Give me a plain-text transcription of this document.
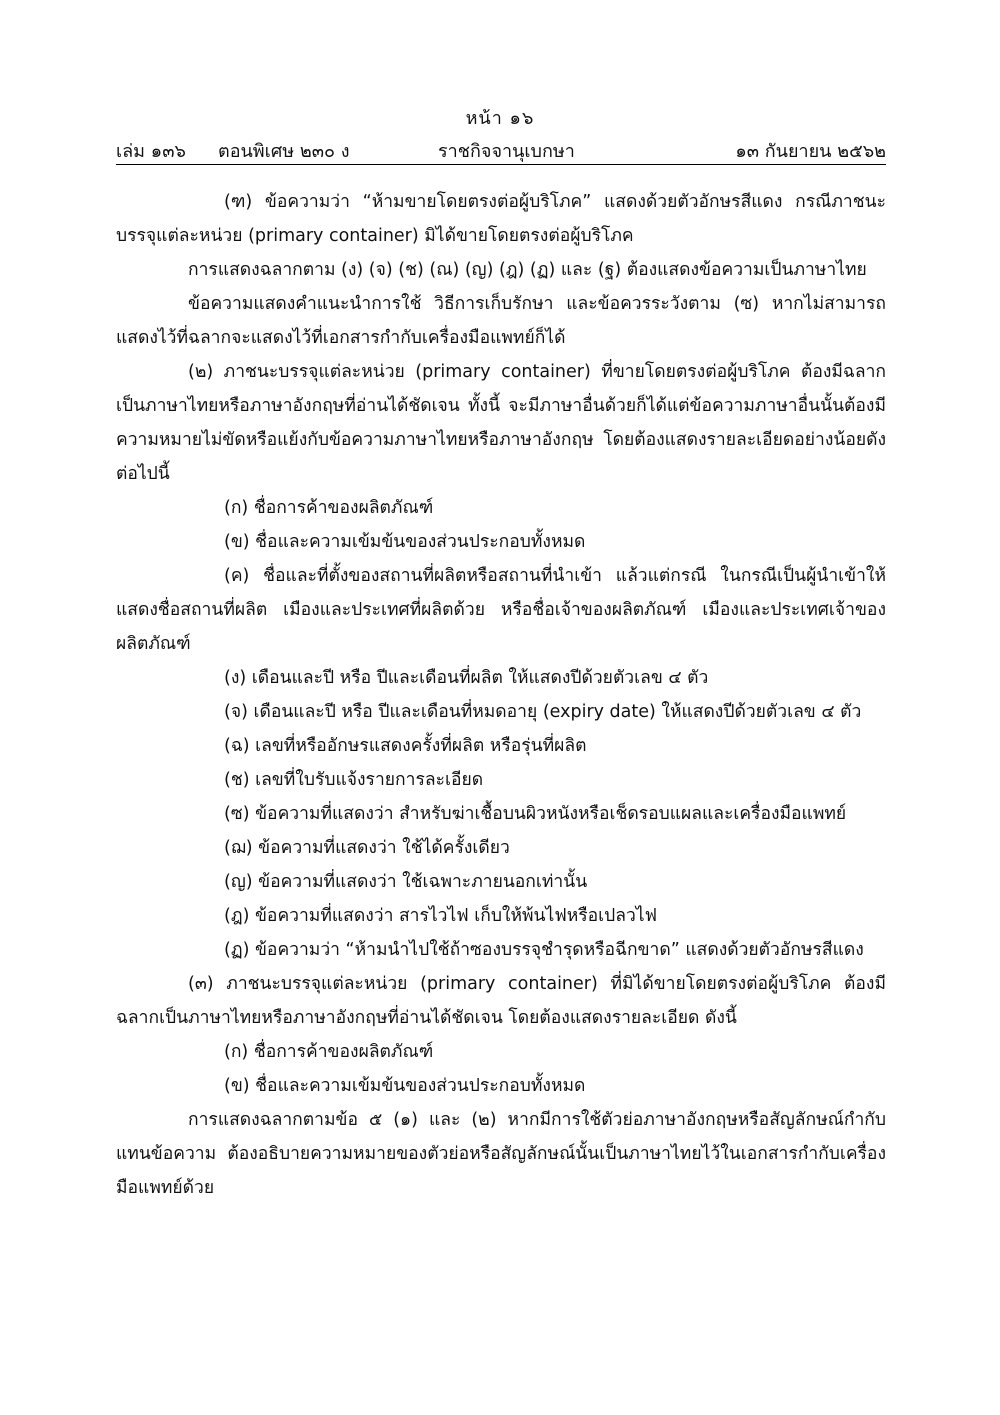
หน้า ๑๖
เล่ม ๑๓๖ ตอนพิเศษ ๒๓๐ ง	ราชกิจจานุเบกษา	๑๓ กันยายน ๒๕๖๒

(ฑ) ข้อความว่า “ห้ามขายโดยตรงต่อผู้บริโภค” แสดงด้วยตัวอักษรสีแดง กรณีภาชนะบรรจุแต่ละหน่วย (primary container) มิได้ขายโดยตรงต่อผู้บริโภค

การแสดงฉลากตาม (ง) (จ) (ช) (ณ) (ญ) (ฎ) (ฏ) และ (ฐ) ต้องแสดงข้อความเป็นภาษาไทย

ข้อความแสดงคำแนะนำการใช้ วิธีการเก็บรักษา และข้อควรระวังตาม (ซ) หากไม่สามารถแสดงไว้ที่ฉลากจะแสดงไว้ที่เอกสารกำกับเครื่องมือแพทย์ก็ได้

(๒) ภาชนะบรรจุแต่ละหน่วย (primary container) ที่ขายโดยตรงต่อผู้บริโภค ต้องมีฉลากเป็นภาษาไทยหรือภาษาอังกฤษที่อ่านได้ชัดเจน ทั้งนี้ จะมีภาษาอื่นด้วยก็ได้แต่ข้อความภาษาอื่นนั้นต้องมีความหมายไม่ขัดหรือแย้งกับข้อความภาษาไทยหรือภาษาอังกฤษ โดยต้องแสดงรายละเอียดอย่างน้อยดังต่อไปนี้

(ก) ชื่อการค้าของผลิตภัณฑ์

(ข) ชื่อและความเข้มข้นของส่วนประกอบทั้งหมด

(ค) ชื่อและที่ตั้งของสถานที่ผลิตหรือสถานที่นำเข้า แล้วแต่กรณี ในกรณีเป็นผู้นำเข้าให้แสดงชื่อสถานที่ผลิต เมืองและประเทศที่ผลิตด้วย หรือชื่อเจ้าของผลิตภัณฑ์ เมืองและประเทศเจ้าของผลิตภัณฑ์

(ง) เดือนและปี หรือ ปีและเดือนที่ผลิต ให้แสดงปีด้วยตัวเลข ๔ ตัว

(จ) เดือนและปี หรือ ปีและเดือนที่หมดอายุ (expiry date) ให้แสดงปีด้วยตัวเลข ๔ ตัว

(ฉ) เลขที่หรืออักษรแสดงครั้งที่ผลิต หรือรุ่นที่ผลิต

(ช) เลขที่ใบรับแจ้งรายการละเอียด

(ซ) ข้อความที่แสดงว่า สำหรับฆ่าเชื้อบนผิวหนังหรือเช็ดรอบแผลและเครื่องมือแพทย์

(ฌ) ข้อความที่แสดงว่า ใช้ได้ครั้งเดียว

(ญ) ข้อความที่แสดงว่า ใช้เฉพาะภายนอกเท่านั้น

(ฎ) ข้อความที่แสดงว่า สารไวไฟ เก็บให้พ้นไฟหรือเปลวไฟ

(ฏ) ข้อความว่า “ห้ามนำไปใช้ถ้าซองบรรจุชำรุดหรือฉีกขาด” แสดงด้วยตัวอักษรสีแดง

(๓) ภาชนะบรรจุแต่ละหน่วย (primary container) ที่มิได้ขายโดยตรงต่อผู้บริโภค ต้องมีฉลากเป็นภาษาไทยหรือภาษาอังกฤษที่อ่านได้ชัดเจน โดยต้องแสดงรายละเอียด ดังนี้

(ก) ชื่อการค้าของผลิตภัณฑ์

(ข) ชื่อและความเข้มข้นของส่วนประกอบทั้งหมด

การแสดงฉลากตามข้อ ๕ (๑) และ (๒) หากมีการใช้ตัวย่อภาษาอังกฤษหรือสัญลักษณ์กำกับแทนข้อความ ต้องอธิบายความหมายของตัวย่อหรือสัญลักษณ์นั้นเป็นภาษาไทยไว้ในเอกสารกำกับเครื่องมือแพทย์ด้วย
